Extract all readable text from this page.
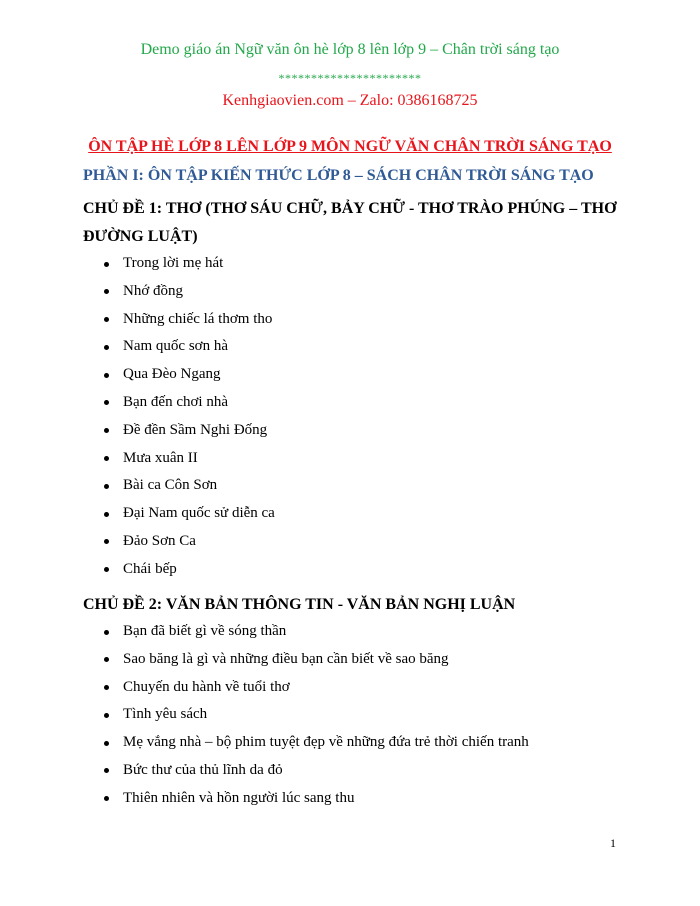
Demo giáo án Ngữ văn ôn hè lớp 8 lên lớp 9 – Chân trời sáng tạo
**********************
Kenhgiaovien.com – Zalo: 0386168725
ÔN TẬP HÈ LỚP 8 LÊN LỚP 9 MÔN NGỮ VĂN CHÂN TRỜI SÁNG TẠO
PHẦN I: ÔN TẬP KIẾN THỨC LỚP 8 – SÁCH CHÂN TRỜI SÁNG TẠO
CHỦ ĐỀ 1: THƠ (THƠ SÁU CHỮ, BẢY CHỮ - THƠ TRÀO PHÚNG – THƠ ĐƯỜNG LUẬT)
Trong lời mẹ hát
Nhớ đồng
Những chiếc lá thơm tho
Nam quốc sơn hà
Qua Đèo Ngang
Bạn đến chơi nhà
Đề đền Sầm Nghi Đống
Mưa xuân II
Bài ca Côn Sơn
Đại Nam quốc sử diễn ca
Đảo Sơn Ca
Chái bếp
CHỦ ĐỀ 2: VĂN BẢN THÔNG TIN - VĂN BẢN NGHỊ LUẬN
Bạn đã biết gì về sóng thần
Sao băng là gì và những điều bạn cần biết về sao băng
Chuyến du hành về tuổi thơ
Tình yêu sách
Mẹ vắng nhà – bộ phim tuyệt đẹp về những đứa trẻ thời chiến tranh
Bức thư của thủ lĩnh da đỏ
Thiên nhiên và hồn người lúc sang thu
1
